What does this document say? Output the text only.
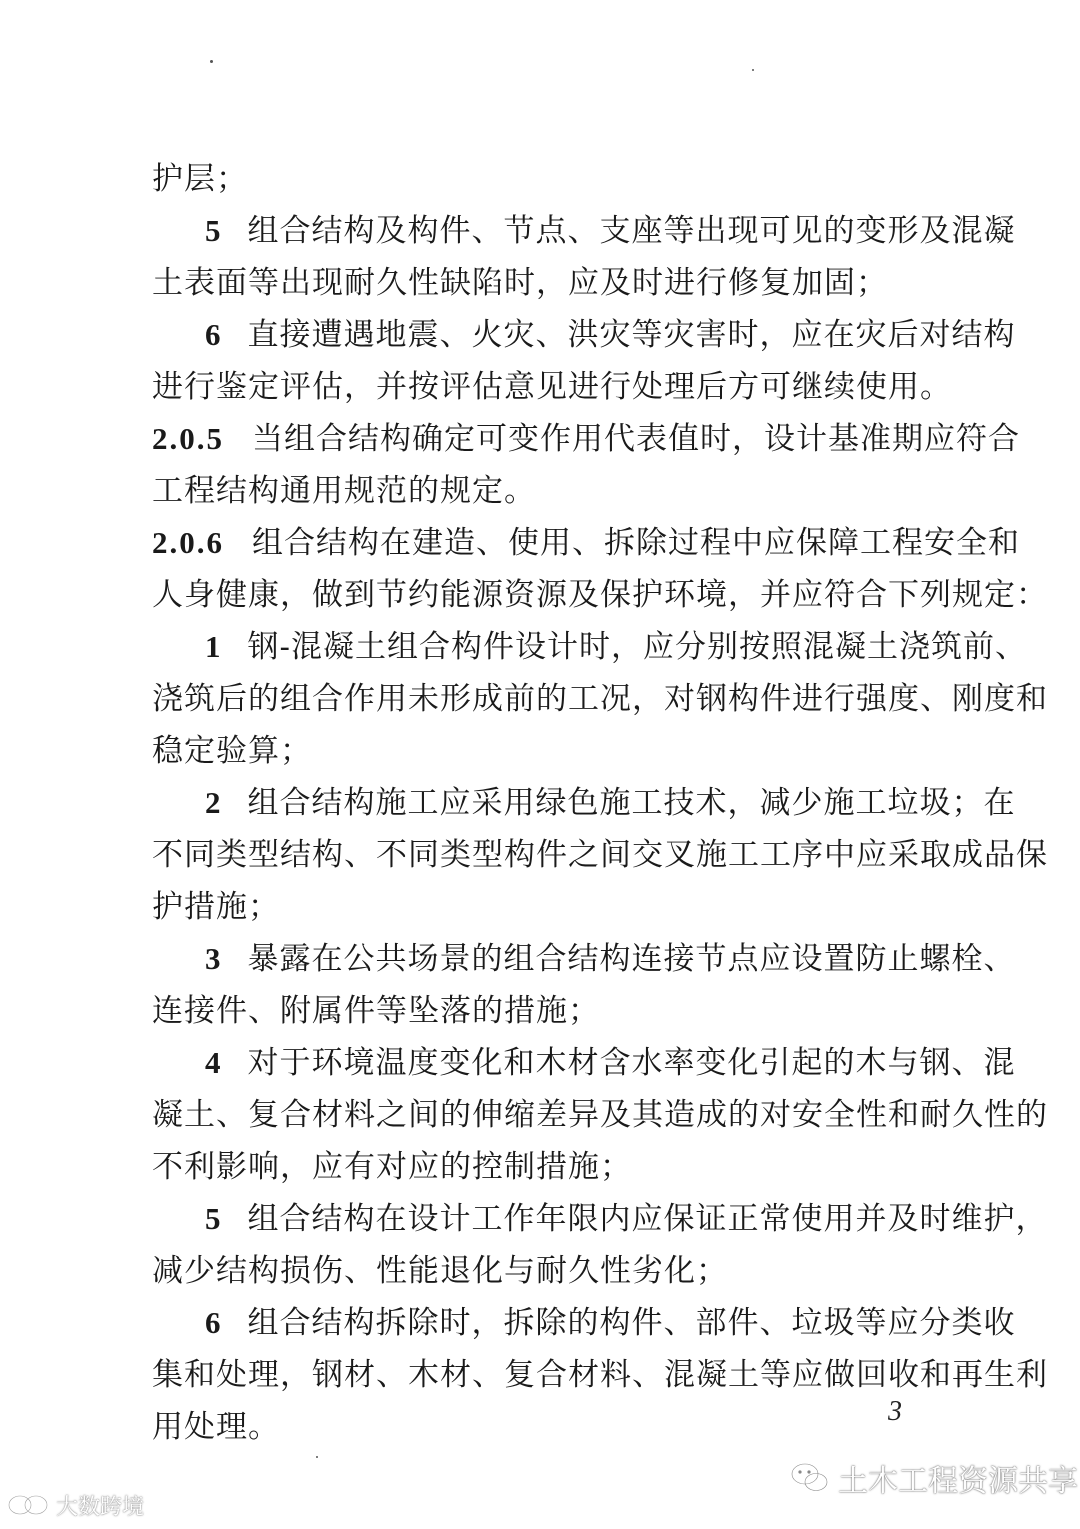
护层；
5 组合结构及构件、节点、支座等出现可见的变形及混凝
土表面等出现耐久性缺陷时，应及时进行修复加固；
6 直接遭遇地震、火灾、洪灾等灾害时，应在灾后对结构
进行鉴定评估，并按评估意见进行处理后方可继续使用。
2.0.5 当组合结构确定可变作用代表值时，设计基准期应符合
工程结构通用规范的规定。
2.0.6 组合结构在建造、使用、拆除过程中应保障工程安全和
人身健康，做到节约能源资源及保护环境，并应符合下列规定：
1 钢-混凝土组合构件设计时，应分别按照混凝土浇筑前、
浇筑后的组合作用未形成前的工况，对钢构件进行强度、刚度和
稳定验算；
2 组合结构施工应采用绿色施工技术，减少施工垃圾；在
不同类型结构、不同类型构件之间交叉施工工序中应采取成品保
护措施；
3 暴露在公共场景的组合结构连接节点应设置防止螺栓、
连接件、附属件等坠落的措施；
4 对于环境温度变化和木材含水率变化引起的木与钢、混
凝土、复合材料之间的伸缩差异及其造成的对安全性和耐久性的
不利影响，应有对应的控制措施；
5 组合结构在设计工作年限内应保证正常使用并及时维护，
减少结构损伤、性能退化与耐久性劣化；
6 组合结构拆除时，拆除的构件、部件、垃圾等应分类收
集和处理，钢材、木材、复合材料、混凝土等应做回收和再生利
用处理。	3
大数跨境
土木工程资源共享
